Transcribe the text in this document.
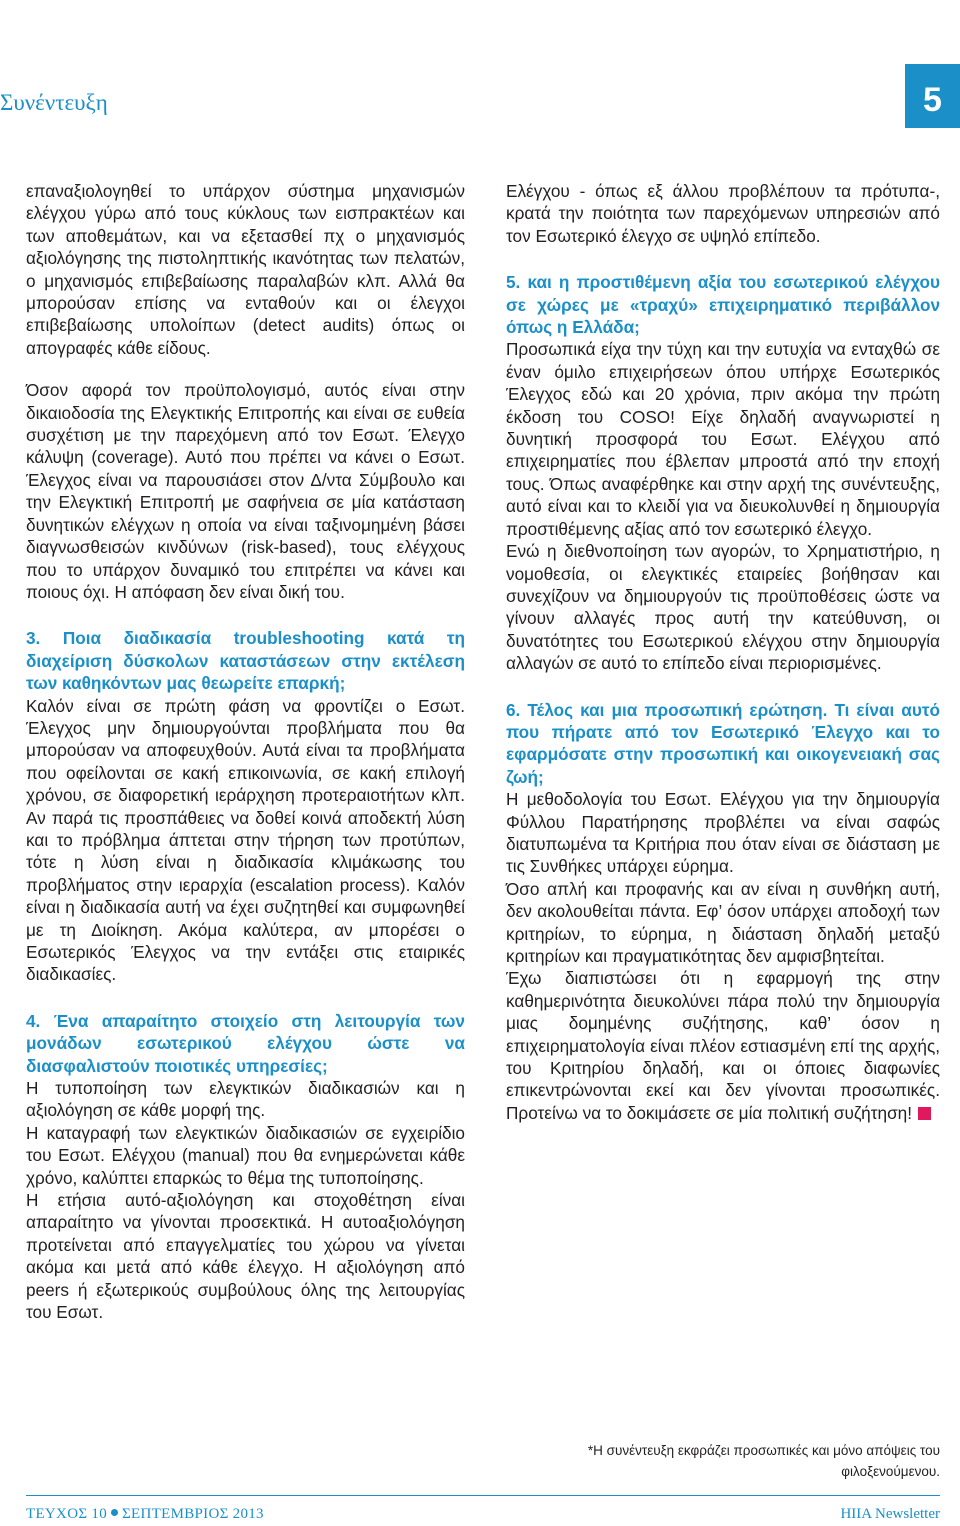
Συνέντευξη	5

επαναξιολογηθεί το υπάρχον σύστημα μηχανισμών ελέγχου γύρω από τους κύκλους των εισπρακτέων και των αποθεμάτων, και να εξετασθεί πχ ο μηχανισμός αξιολόγησης της πιστοληπτικής ικανότητας των πελατών, ο μηχανισμός επιβεβαίωσης παραλαβών κλπ. Αλλά θα μπορούσαν επίσης να ενταθούν και οι έλεγχοι επιβεβαίωσης υπολοίπων (detect audits) όπως οι απογραφές κάθε είδους.

Όσον αφορά τον προϋπολογισμό, αυτός είναι στην δικαιοδοσία της Ελεγκτικής Επιτροπής και είναι σε ευθεία συσχέτιση με την παρεχόμενη από τον Εσωτ. Έλεγχο κάλυψη (coverage). Αυτό που πρέπει να κάνει ο Εσωτ. Έλεγχος είναι να παρουσιάσει στον Δ/ντα Σύμβουλο και την Ελεγκτική Επιτροπή με σαφήνεια σε μία κατάσταση δυνητικών ελέγχων η οποία να είναι ταξινομημένη βάσει διαγνωσθεισών κινδύνων (risk-based), τους ελέγχους που το υπάρχον δυναμικό του επιτρέπει να κάνει και ποιους όχι. Η απόφαση δεν είναι δική του.

3. Ποια διαδικασία troubleshooting κατά τη διαχείριση δύσκολων καταστάσεων στην εκτέλεση των καθηκόντων μας θεωρείτε επαρκή;

Καλόν είναι σε πρώτη φάση να φροντίζει ο Εσωτ. Έλεγχος μην δημιουργούνται προβλήματα που θα μπορούσαν να αποφευχθούν. Αυτά είναι τα προβλήματα που οφείλονται σε κακή επικοινωνία, σε κακή επιλογή χρόνου, σε διαφορετική ιεράρχηση προτεραιοτήτων κλπ. Αν παρά τις προσπάθειες να δοθεί κοινά αποδεκτή λύση και το πρόβλημα άπτεται στην τήρηση των προτύπων, τότε η λύση είναι η διαδικασία κλιμάκωσης του προβλήματος στην ιεραρχία (escalation process). Καλόν είναι η διαδικασία αυτή να έχει συζητηθεί και συμφωνηθεί με τη Διοίκηση. Ακόμα καλύτερα, αν μπορέσει ο Εσωτερικός Έλεγχος να την εντάξει στις εταιρικές διαδικασίες.

4. Ένα απαραίτητο στοιχείο στη λειτουργία των μονάδων εσωτερικού ελέγχου ώστε να διασφαλιστούν ποιοτικές υπηρεσίες;

Η τυποποίηση των ελεγκτικών διαδικασιών και η αξιολόγηση σε κάθε μορφή της.

Η καταγραφή των ελεγκτικών διαδικασιών σε εγχειρίδιο του Εσωτ. Ελέγχου (manual) που θα ενημερώνεται κάθε χρόνο, καλύπτει επαρκώς το θέμα της τυποποίησης.

Η ετήσια αυτό-αξιολόγηση και στοχοθέτηση είναι απαραίτητο να γίνονται προσεκτικά. Η αυτοαξιολόγηση προτείνεται από επαγγελματίες του χώρου να γίνεται ακόμα και μετά από κάθε έλεγχο. Η αξιολόγηση από peers ή εξωτερικούς συμβούλους όλης της λειτουργίας του Εσωτ.

Ελέγχου - όπως εξ άλλου προβλέπουν τα πρότυπα-, κρατά την ποιότητα των παρεχόμενων υπηρεσιών από τον Εσωτερικό έλεγχο σε υψηλό επίπεδο.

5. και η προστιθέμενη αξία του εσωτερικού ελέγχου σε χώρες με «τραχύ» επιχειρηματικό περιβάλλον όπως η Ελλάδα;

Προσωπικά είχα την τύχη και την ευτυχία να ενταχθώ σε έναν όμιλο επιχειρήσεων όπου υπήρχε Εσωτερικός Έλεγχος εδώ και 20 χρόνια, πριν ακόμα την πρώτη έκδοση του COSO! Είχε δηλαδή αναγνωριστεί η δυνητική προσφορά του Εσωτ. Ελέγχου από επιχειρηματίες που έβλεπαν μπροστά από την εποχή τους. Όπως αναφέρθηκε και στην αρχή της συνέντευξης, αυτό είναι και το κλειδί για να διευκολυνθεί η δημιουργία προστιθέμενης αξίας από τον εσωτερικό έλεγχο.

Ενώ η διεθνοποίηση των αγορών, το Χρηματιστήριο, η νομοθεσία, οι ελεγκτικές εταιρείες βοήθησαν και συνεχίζουν να δημιουργούν τις προϋποθέσεις ώστε να γίνουν αλλαγές προς αυτή την κατεύθυνση, οι δυνατότητες του Εσωτερικού ελέγχου στην δημιουργία αλλαγών σε αυτό το επίπεδο είναι περιορισμένες.

6. Τέλος και μια προσωπική ερώτηση. Τι είναι αυτό που πήρατε από τον Εσωτερικό Έλεγχο και το εφαρμόσατε στην προσωπική και οικογενειακή σας ζωή;

Η μεθοδολογία του Εσωτ. Ελέγχου για την δημιουργία Φύλλου Παρατήρησης προβλέπει να είναι σαφώς διατυπωμένα τα Κριτήρια που όταν είναι σε διάσταση με τις Συνθήκες υπάρχει εύρημα.

Όσο απλή και προφανής και αν είναι η συνθήκη αυτή, δεν ακολουθείται πάντα. Εφ’ όσον υπάρχει αποδοχή των κριτηρίων, το εύρημα, η διάσταση δηλαδή μεταξύ κριτηρίων και πραγματικότητας δεν αμφισβητείται.

Έχω διαπιστώσει ότι η εφαρμογή της στην καθημερινότητα διευκολύνει πάρα πολύ την δημιουργία μιας δομημένης συζήτησης, καθ’ όσον η επιχειρηματολογία είναι πλέον εστιασμένη επί της αρχής, του Κριτηρίου δηλαδή, και οι όποιες διαφωνίες επικεντρώνονται εκεί και δεν γίνονται προσωπικές. Προτείνω να το δοκιμάσετε σε μία πολιτική συζήτηση!

*Η συνέντευξη εκφράζει προσωπικές και μόνο απόψεις του φιλοξενούμενου.
ΤΕΥΧΟΣ 10 ΣΕΠΤΕΜΒΡΙΟΣ 2013	HIIA Newsletter
